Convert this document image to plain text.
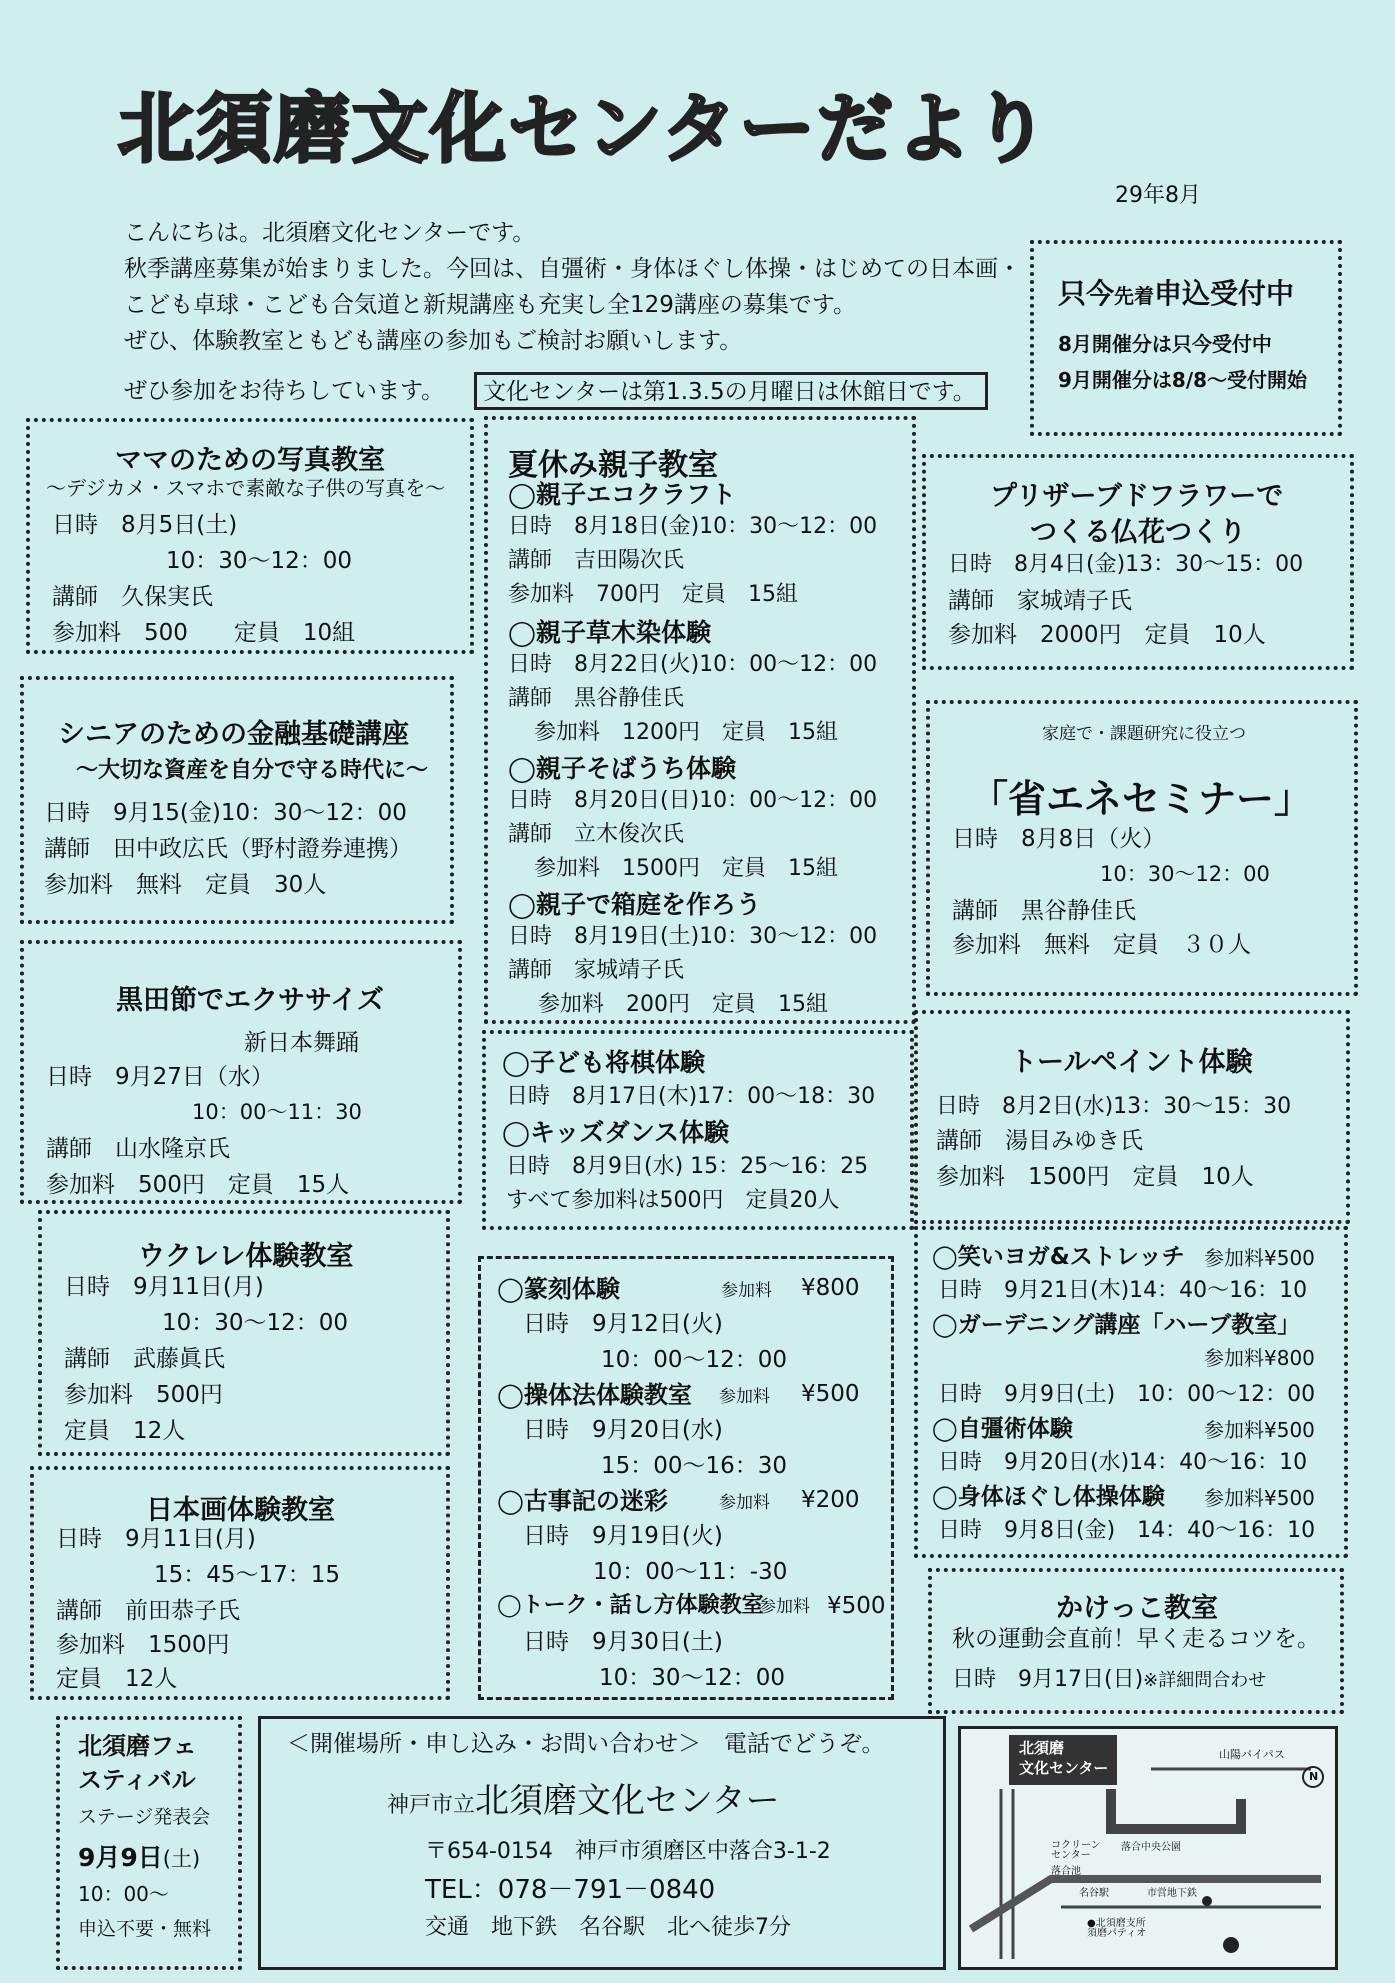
北須磨文化センターだより
29年8月
こんにちは。北須磨文化センターです。
秋季講座募集が始まりました。今回は、自彊術・身体ほぐし体操・はじめての日本画・
こども卓球・こども合気道と新規講座も充実し全129講座の募集です。
ぜひ、体験教室ともども講座の参加もご検討お願いします。
ぜひ参加をお待ちしています。 文化センターは第1.3.5の月曜日は休館日です。
只今先着申込受付中
8月開催分は只今受付中
9月開催分は8/8～受付開始
ママのための写真教室
～デジカメ・スマホで素敵な子供の写真を～
日時　8月5日(土)
10：30～12：00
講師　久保実氏
参加料　500　　定員　10組
シニアのための金融基礎講座
～大切な資産を自分で守る時代に～
日時　9月15(金)10：30～12：00
講師　田中政広氏（野村證券連携）
参加料　無料　定員　30人
黒田節でエクササイズ
新日本舞踊
日時　9月27日（水）
10：00～11：30
講師　山水隆京氏
参加料　500円　定員　15人
ウクレレ体験教室
日時　9月11日(月)
10：30～12：00
講師　武藤眞氏
参加料　500円
定員　12人
日本画体験教室
日時　9月11日(月)
15：45～17：15
講師　前田恭子氏
参加料　1500円
定員　12人
北須磨フェ
スティバル
ステージ発表会
9月9日(土)
10：00～
申込不要・無料
夏休み親子教室
◯親子エコクラフト
日時　8月18日(金)10：30～12：00
講師　吉田陽次氏
参加料　700円　定員　15組
◯親子草木染体験
日時　8月22日(火)10：00～12：00
講師　黒谷静佳氏
参加料　1200円　定員　15組
◯親子そばうち体験
日時　8月20日(日)10：00～12：00
講師　立木俊次氏
参加料　1500円　定員　15組
◯親子で箱庭を作ろう
日時　8月19日(土)10：30～12：00
講師　家城靖子氏
参加料　200円　定員　15組
◯子ども将棋体験
日時　8月17日(木)17：00～18：30
◯キッズダンス体験
日時　8月9日(水) 15：25～16：25
すべて参加料は500円　定員20人
◯篆刻体験	参加料 ¥800
日時　9月12日(火)
10：00～12：00
◯操体法体験教室 参加料 ¥500
日時　9月20日(水)
15：00～16：30
◯古事記の迷彩	参加料 ¥200
日時　9月19日(火)
10：00～11：-30
◯トーク・話し方体験教室
参加料 ¥500
日時　9月30日(土)
10：30～12：00
プリザーブドフラワーで
つくる仏花つくり
日時　8月4日(金)13：30～15：00
講師　家城靖子氏
参加料　2000円　定員　10人
家庭で・課題研究に役立つ
「省エネセミナー」
日時　8月8日（火）
10：30～12：00
講師　黒谷静佳氏
参加料　無料　定員　３０人
トールペイント体験
日時　8月2日(水)13：30～15：30
講師　湯目みゆき氏
参加料　1500円　定員　10人
◯笑いヨガ&ストレッチ 参加料¥500
日時　9月21日(木)14：40～16：10
◯ガーデニング講座「ハーブ教室」
参加料¥800
日時　9月9日(土)　10：00～12：00
◯自彊術体験	参加料¥500
日時　9月20日(水)14：40～16：10
◯身体ほぐし体操体験 参加料¥500
日時　9月8日(金)　14：40～16：10
かけっこ教室
秋の運動会直前！早く走るコツを。
日時　9月17日(日)※詳細問合わせ
＜開催場所・申し込み・お問い合わせ＞　電話でどうぞ。
神戸市立北須磨文化センター
〒654-0154　神戸市須磨区中落合3-1-2
TEL：078－791－0840
交通　地下鉄　名谷駅　北へ徒歩7分
北須磨
文化センター
山陽バイパス
N
コクリーン
センター
落合中央公園
落合池
名谷駅	市営地下鉄
●北須磨支所
須磨パティオ
